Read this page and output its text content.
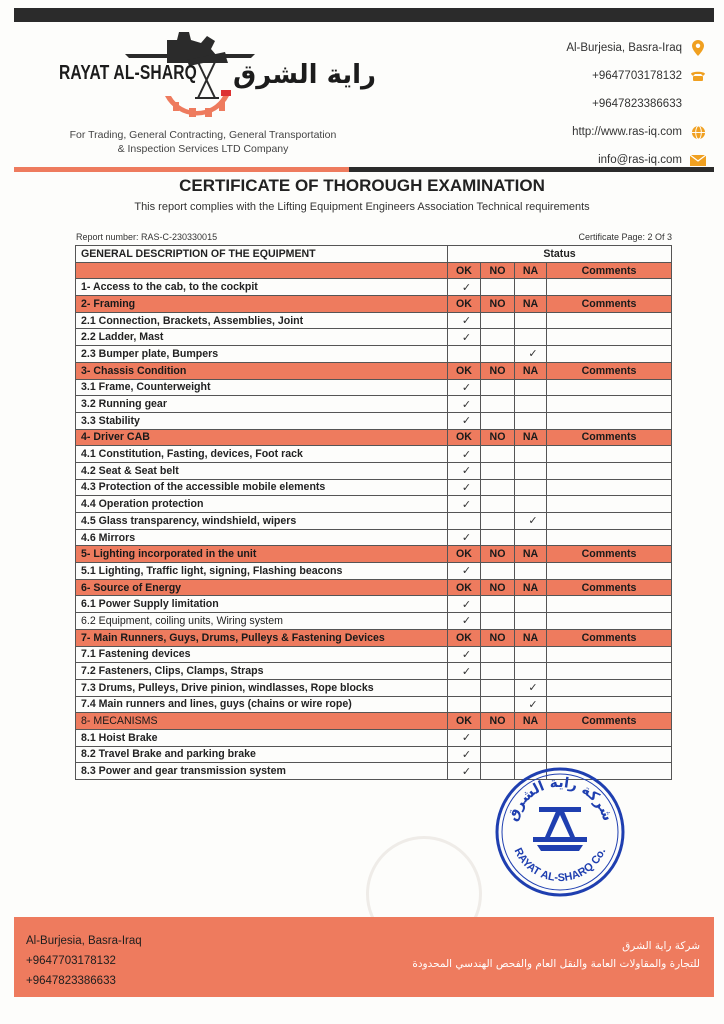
RAYAT AL-SHARQ راية الشرق
For Trading, General Contracting, General Transportation
& Inspection Services LTD Company
Al-Burjesia, Basra-Iraq
+9647703178132
+9647823386633
http://www.ras-iq.com
info@ras-iq.com
CERTIFICATE OF THOROUGH EXAMINATION
This report complies with the Lifting Equipment Engineers Association Technical requirements
Report number: RAS-C-230330015	Certificate Page: 2 Of 3
GENERAL DESCRIPTION OF THE EQUIPMENT	Status			
	OK	NO	NA	Comments
1- Access to the cab, to the cockpit	✓			
2- Framing	OK	NO	NA	Comments
2.1 Connection, Brackets, Assemblies, Joint	✓			
2.2 Ladder, Mast	✓			
2.3 Bumper plate, Bumpers			✓	
3- Chassis Condition	OK	NO	NA	Comments
3.1 Frame, Counterweight	✓			
3.2 Running gear	✓			
3.3 Stability	✓			
4- Driver CAB	OK	NO	NA	Comments
4.1 Constitution, Fasting, devices, Foot rack	✓			
4.2 Seat & Seat belt	✓			
4.3 Protection of the accessible mobile elements	✓			
4.4 Operation protection	✓			
4.5 Glass transparency, windshield, wipers			✓	
4.6 Mirrors	✓			
5- Lighting incorporated in the unit	OK	NO	NA	Comments
5.1 Lighting, Traffic light, signing, Flashing beacons	✓			
6- Source of Energy	OK	NO	NA	Comments
6.1 Power Supply limitation	✓			
6.2 Equipment, coiling units, Wiring system	✓			
7- Main Runners, Guys, Drums, Pulleys & Fastening Devices	OK	NO	NA	Comments
7.1 Fastening devices	✓			
7.2 Fasteners, Clips, Clamps, Straps	✓			
7.3 Drums, Pulleys, Drive pinion, windlasses, Rope blocks			✓	
7.4 Main runners and lines, guys (chains or wire rope)			✓	
8- MECANISMS	OK	NO	NA	Comments
8.1 Hoist Brake	✓			
8.2 Travel Brake and parking brake	✓			
8.3 Power and gear transmission system	✓			
شركة راية الشرق
RAYAT AL-SHARQ Co.
Al-Burjesia, Basra-Iraq
+9647703178132
+9647823386633
شركة راية الشرق
للتجارة والمقاولات العامة والنقل العام والفحص الهندسي المحدودة
